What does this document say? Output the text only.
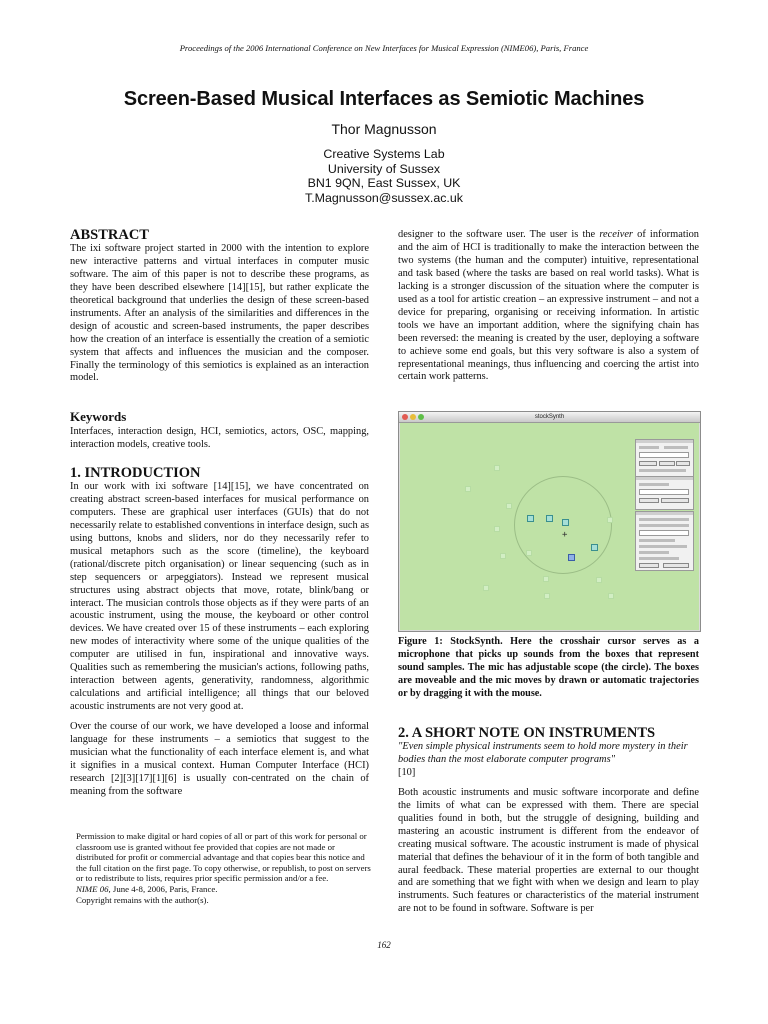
Proceedings of the 2006 International Conference on New Interfaces for Musical Expression (NIME06), Paris, France
Screen-Based Musical Interfaces as Semiotic Machines
Thor Magnusson
Creative Systems Lab
University of Sussex
BN1 9QN, East Sussex, UK
T.Magnusson@sussex.ac.uk
ABSTRACT

The ixi software project started in 2000 with the intention to explore new interactive patterns and virtual interfaces in computer music software. The aim of this paper is not to describe these programs, as they have been described elsewhere [14][15], but rather explicate the theoretical background that underlies the design of these screen-based instruments. After an analysis of the similarities and differences in the design of acoustic and screen-based instruments, the paper describes how the creation of an interface is essentially the creation of a semiotic system that affects and influences the musician and the composer. Finally the terminology of this semiotics is explained as an interaction model.

Keywords

Interfaces, interaction design, HCI, semiotics, actors, OSC, mapping, interaction models, creative tools.

1. INTRODUCTION

In our work with ixi software [14][15], we have concentrated on creating abstract screen-based interfaces for musical performance on computers. These are graphical user interfaces (GUIs) that do not necessarily relate to established conventions in interface design, such as using buttons, knobs and sliders, nor do they necessarily refer to musical metaphors such as the score (timeline), the keyboard (rational/discrete pitch organisation) or linear sequencing (such as in step sequencers or arpeggiators). Instead we represent musical structures using abstract objects that move, rotate, blink/bang or interact. The musician controls those objects as if they were parts of an acoustic instrument, using the mouse, the keyboard or other control devices. We have created over 15 of these instruments – each exploring new modes of interactivity where some of the unique qualities of the computer are utilised in fun, inspirational and innovative ways. Qualities such as remembering the musician's actions, following paths, interaction between agents, generativity, randomness, algorithmic calculations and artificial intelligence; all things that our beloved acoustic instruments are not very good at.

Over the course of our work, we have developed a loose and informal language for these instruments – a semiotics that suggest to the musician what the functionality of each interface element is, and what it signifies in a musical context. Human Computer Interface (HCI) research [2][3][17][1][6] is usually con-centrated on the chain of meaning from the software

Permission to make digital or hard copies of all or part of this work for personal or classroom use is granted without fee provided that copies are not made or distributed for profit or commercial advantage and that copies bear this notice and the full citation on the first page. To copy otherwise, or republish, to post on servers or to redistribute to lists, requires prior specific permission and/or a fee.

NIME 06, June 4-8, 2006, Paris, France.

Copyright remains with the author(s).

designer to the software user. The user is the receiver of information and the aim of HCI is traditionally to make the interaction between the two systems (the human and the computer) intuitive, representational and task based (where the tasks are based on real world tasks). What is lacking is a stronger discussion of the situation where the computer is used as a tool for artistic creation – an expressive instrument – and not a device for preparing, organising or receiving information. In artistic tools we have an important addition, where the signifying chain has been reversed: the meaning is created by the user, deploying a software to achieve some end goals, but this very software is also a system of representational meanings, thus influencing and coercing the artist into certain work patterns.

stockSynth
+

Figure 1: StockSynth. Here the crosshair cursor serves as a microphone that picks up sounds from the boxes that represent sound samples. The mic has adjustable scope (the circle). The boxes are moveable and the mic moves by drawn or automatic trajectories or by dragging it with the mouse.

2. A SHORT NOTE ON INSTRUMENTS

"Even simple physical instruments seem to hold more mystery in their bodies than the most elaborate computer programs"
[10]

Both acoustic instruments and music software incorporate and define the limits of what can be expressed with them. There are special qualities found in both, but the struggle of designing, building and mastering an acoustic instrument is different from the endeavor of creating musical software. The acoustic instrument is made of physical material that defines the behaviour of it in the form of both tangible and aural feedback. These material properties are external to our thought and are something that we fight with when we design and learn to play instruments. Such features or characteristics of the material instrument are not to be found in software. Software is per

162
